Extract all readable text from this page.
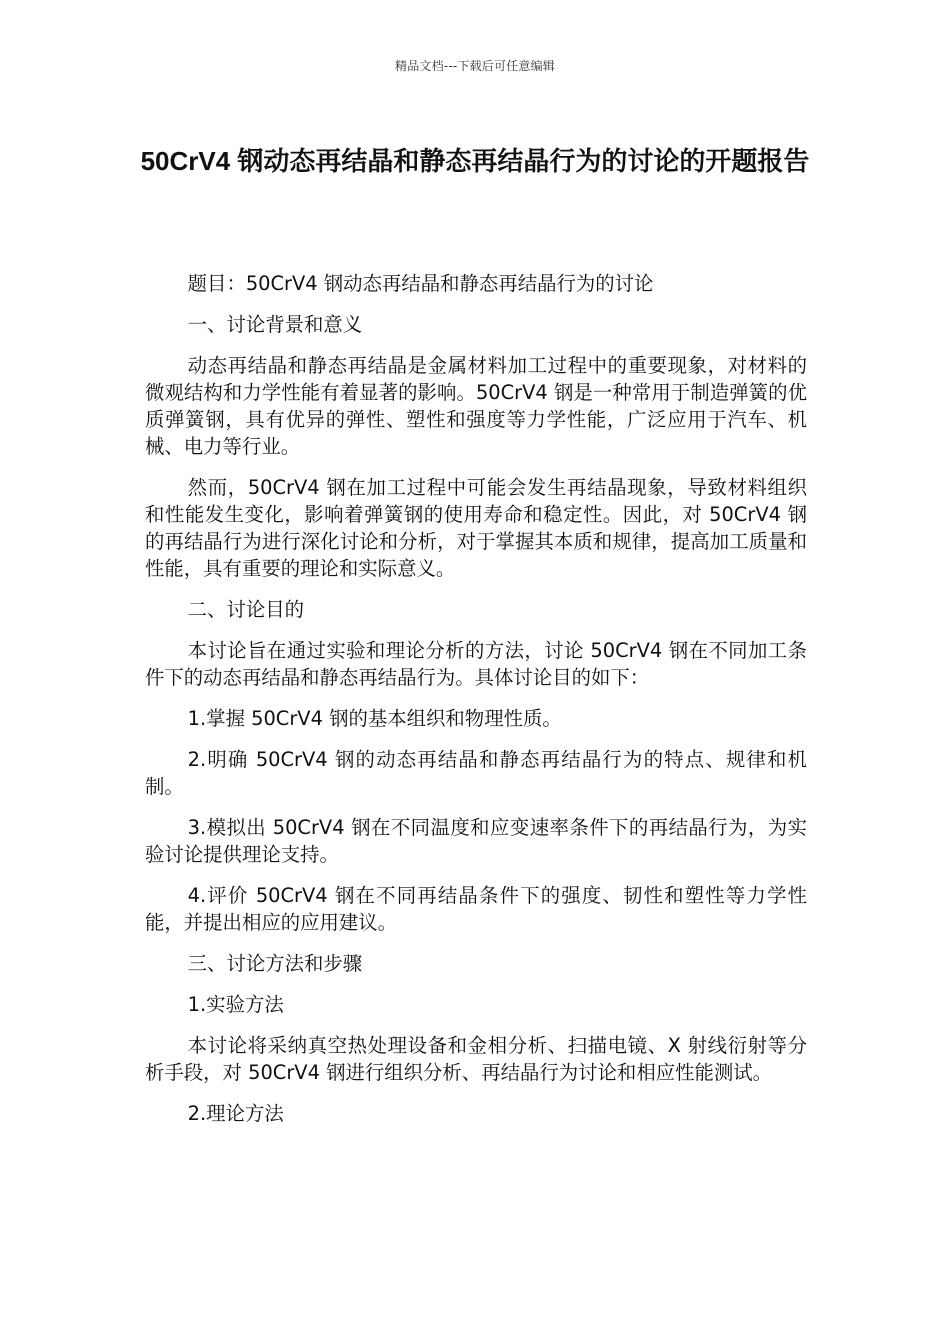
精品文档---下载后可任意编辑
50CrV4 钢动态再结晶和静态再结晶行为的讨论的开题报告

题目：50CrV4 钢动态再结晶和静态再结晶行为的讨论

一、讨论背景和意义

动态再结晶和静态再结晶是金属材料加工过程中的重要现象，对材料的微观结构和力学性能有着显著的影响。50CrV4 钢是一种常用于制造弹簧的优质弹簧钢，具有优异的弹性、塑性和强度等力学性能，广泛应用于汽车、机械、电力等行业。

然而，50CrV4 钢在加工过程中可能会发生再结晶现象，导致材料组织和性能发生变化，影响着弹簧钢的使用寿命和稳定性。因此，对 50CrV4 钢的再结晶行为进行深化讨论和分析，对于掌握其本质和规律，提高加工质量和性能，具有重要的理论和实际意义。

二、讨论目的

本讨论旨在通过实验和理论分析的方法，讨论 50CrV4 钢在不同加工条件下的动态再结晶和静态再结晶行为。具体讨论目的如下：

1.掌握 50CrV4 钢的基本组织和物理性质。

2.明确 50CrV4 钢的动态再结晶和静态再结晶行为的特点、规律和机制。

3.模拟出 50CrV4 钢在不同温度和应变速率条件下的再结晶行为，为实验讨论提供理论支持。

4.评价 50CrV4 钢在不同再结晶条件下的强度、韧性和塑性等力学性能，并提出相应的应用建议。

三、讨论方法和步骤

1.实验方法

本讨论将采纳真空热处理设备和金相分析、扫描电镜、X 射线衍射等分析手段，对 50CrV4 钢进行组织分析、再结晶行为讨论和相应性能测试。

2.理论方法
